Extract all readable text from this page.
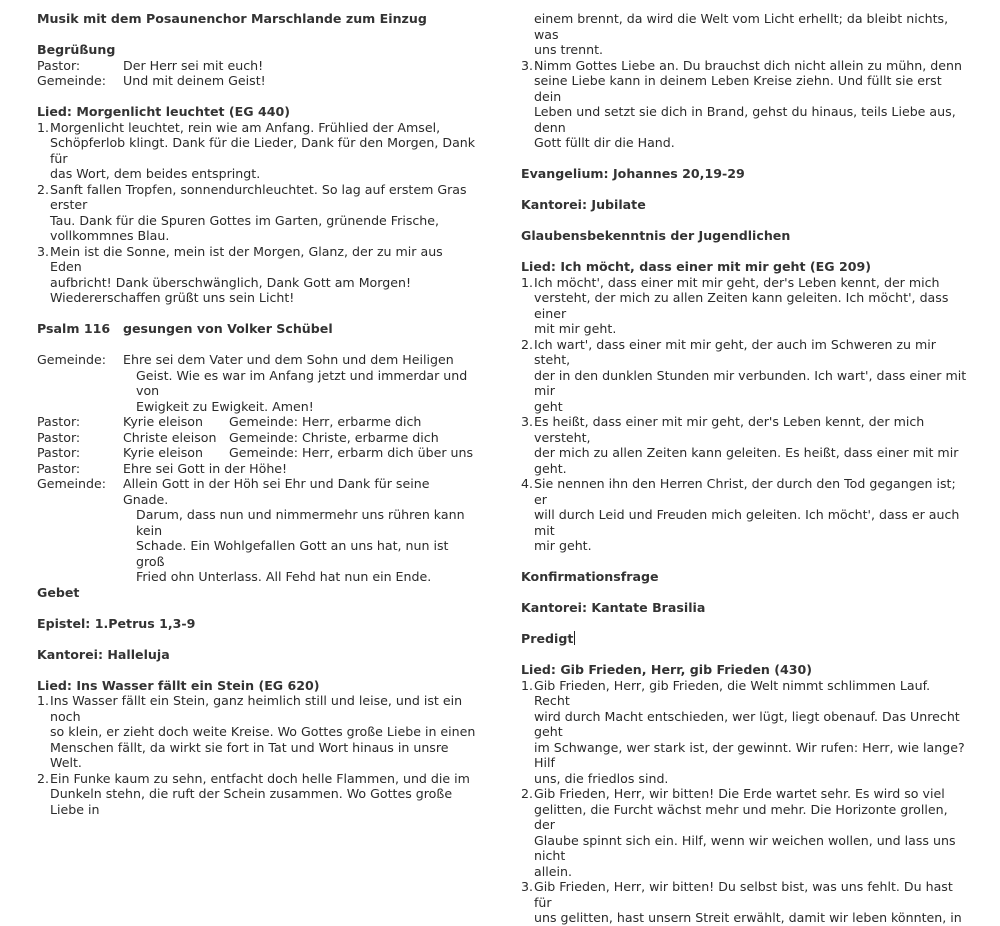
Musik mit dem Posaunenchor Marschlande zum Einzug
Begrüßung
Pastor:	Der Herr sei mit euch!
Gemeinde:	Und mit deinem Geist!
Lied: Morgenlicht leuchtet (EG 440)
1. Morgenlicht leuchtet, rein wie am Anfang. Frühlied der Amsel,
Schöpferlob klingt. Dank für die Lieder, Dank für den Morgen, Dank für
das Wort, dem beides entspringt.
2. Sanft fallen Tropfen, sonnendurchleuchtet. So lag auf erstem Gras erster
Tau. Dank für die Spuren Gottes im Garten, grünende Frische,
vollkommnes Blau.
3. Mein ist die Sonne, mein ist der Morgen, Glanz, der zu mir aus Eden
aufbricht! Dank überschwänglich, Dank Gott am Morgen!
Wiedererschaffen grüßt uns sein Licht!
Psalm 116 gesungen von Volker Schübel
Gemeinde:	Ehre sei dem Vater und dem Sohn und dem Heiligen
Geist. Wie es war im Anfang jetzt und immerdar und von
Ewigkeit zu Ewigkeit. Amen!
Pastor:	Kyrie eleison Gemeinde: Herr, erbarme dich
Pastor:	Christe eleison Gemeinde: Christe, erbarme dich
Pastor:	Kyrie eleison Gemeinde: Herr, erbarm dich über uns
Pastor:	Ehre sei Gott in der Höhe!
Gemeinde:	Allein Gott in der Höh sei Ehr und Dank für seine Gnade.
Darum, dass nun und nimmermehr uns rühren kann kein
Schade. Ein Wohlgefallen Gott an uns hat, nun ist groß
Fried ohn Unterlass. All Fehd hat nun ein Ende.
Gebet
Epistel: 1.Petrus 1,3-9
Kantorei: Halleluja
Lied: Ins Wasser fällt ein Stein (EG 620)
1. Ins Wasser fällt ein Stein, ganz heimlich still und leise, und ist ein noch
so klein, er zieht doch weite Kreise. Wo Gottes große Liebe in einen
Menschen fällt, da wirkt sie fort in Tat und Wort hinaus in unsre Welt.
2. Ein Funke kaum zu sehn, entfacht doch helle Flammen, und die im
Dunkeln stehn, die ruft der Schein zusammen. Wo Gottes große Liebe in
einem brennt, da wird die Welt vom Licht erhellt; da bleibt nichts, was
uns trennt.
3. Nimm Gottes Liebe an. Du brauchst dich nicht allein zu mühn, denn
seine Liebe kann in deinem Leben Kreise ziehn. Und füllt sie erst dein
Leben und setzt sie dich in Brand, gehst du hinaus, teils Liebe aus, denn
Gott füllt dir die Hand.
Evangelium: Johannes 20,19-29
Kantorei: Jubilate
Glaubensbekenntnis der Jugendlichen
Lied: Ich möcht, dass einer mit mir geht (EG 209)
1. Ich möcht', dass einer mit mir geht, der's Leben kennt, der mich
versteht, der mich zu allen Zeiten kann geleiten. Ich möcht', dass einer
mit mir geht.
2. Ich wart', dass einer mit mir geht, der auch im Schweren zu mir steht,
der in den dunklen Stunden mir verbunden. Ich wart', dass einer mit mir
geht
3. Es heißt, dass einer mit mir geht, der's Leben kennt, der mich versteht,
der mich zu allen Zeiten kann geleiten. Es heißt, dass einer mit mir geht.
4. Sie nennen ihn den Herren Christ, der durch den Tod gegangen ist; er
will durch Leid und Freuden mich geleiten. Ich möcht', dass er auch mit
mir geht.
Konfirmationsfrage
Kantorei: Kantate Brasilia
Predigt
Lied: Gib Frieden, Herr, gib Frieden (430)
1. Gib Frieden, Herr, gib Frieden, die Welt nimmt schlimmen Lauf. Recht
wird durch Macht entschieden, wer lügt, liegt obenauf. Das Unrecht geht
im Schwange, wer stark ist, der gewinnt. Wir rufen: Herr, wie lange? Hilf
uns, die friedlos sind.
2. Gib Frieden, Herr, wir bitten! Die Erde wartet sehr. Es wird so viel
gelitten, die Furcht wächst mehr und mehr. Die Horizonte grollen, der
Glaube spinnt sich ein. Hilf, wenn wir weichen wollen, und lass uns nicht
allein.
3. Gib Frieden, Herr, wir bitten! Du selbst bist, was uns fehlt. Du hast für
uns gelitten, hast unsern Streit erwählt, damit wir leben könnten, in
